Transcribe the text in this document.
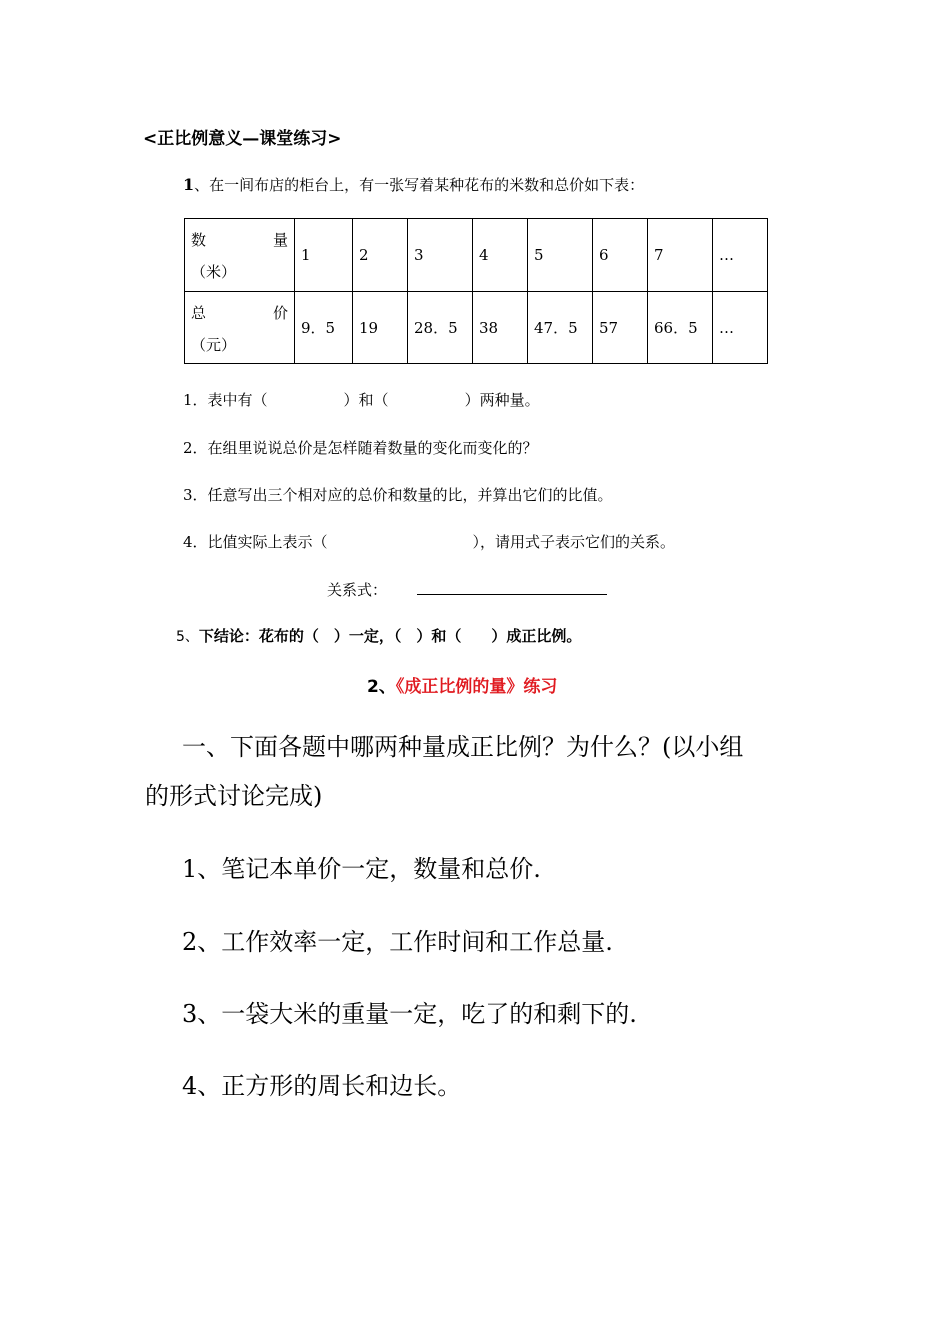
<正比例意义—课堂练习>
1、在一间布店的柜台上，有一张写着某种花布的米数和总价如下表：
数 量
（米）	1	2	3	4	5	6	7	…

总 价
（元）	9．5	19	28．5	38	47．5	57	66．5	…
1．表中有（	）和（	）两种量。
2．在组里说说总价是怎样随着数量的变化而变化的？
3．任意写出三个相对应的总价和数量的比，并算出它们的比值。
4．比值实际上表示（	），请用式子表示它们的关系。
关系式：
5、下结论：花布的（　）一定，（　）和（　　）成正比例。
2、《成正比例的量》练习
一、下面各题中哪两种量成正比例？为什么？(以小组
的形式讨论完成)
1、笔记本单价一定，数量和总价.
2、工作效率一定，工作时间和工作总量.
3、一袋大米的重量一定，吃了的和剩下的.
4、正方形的周长和边长。
